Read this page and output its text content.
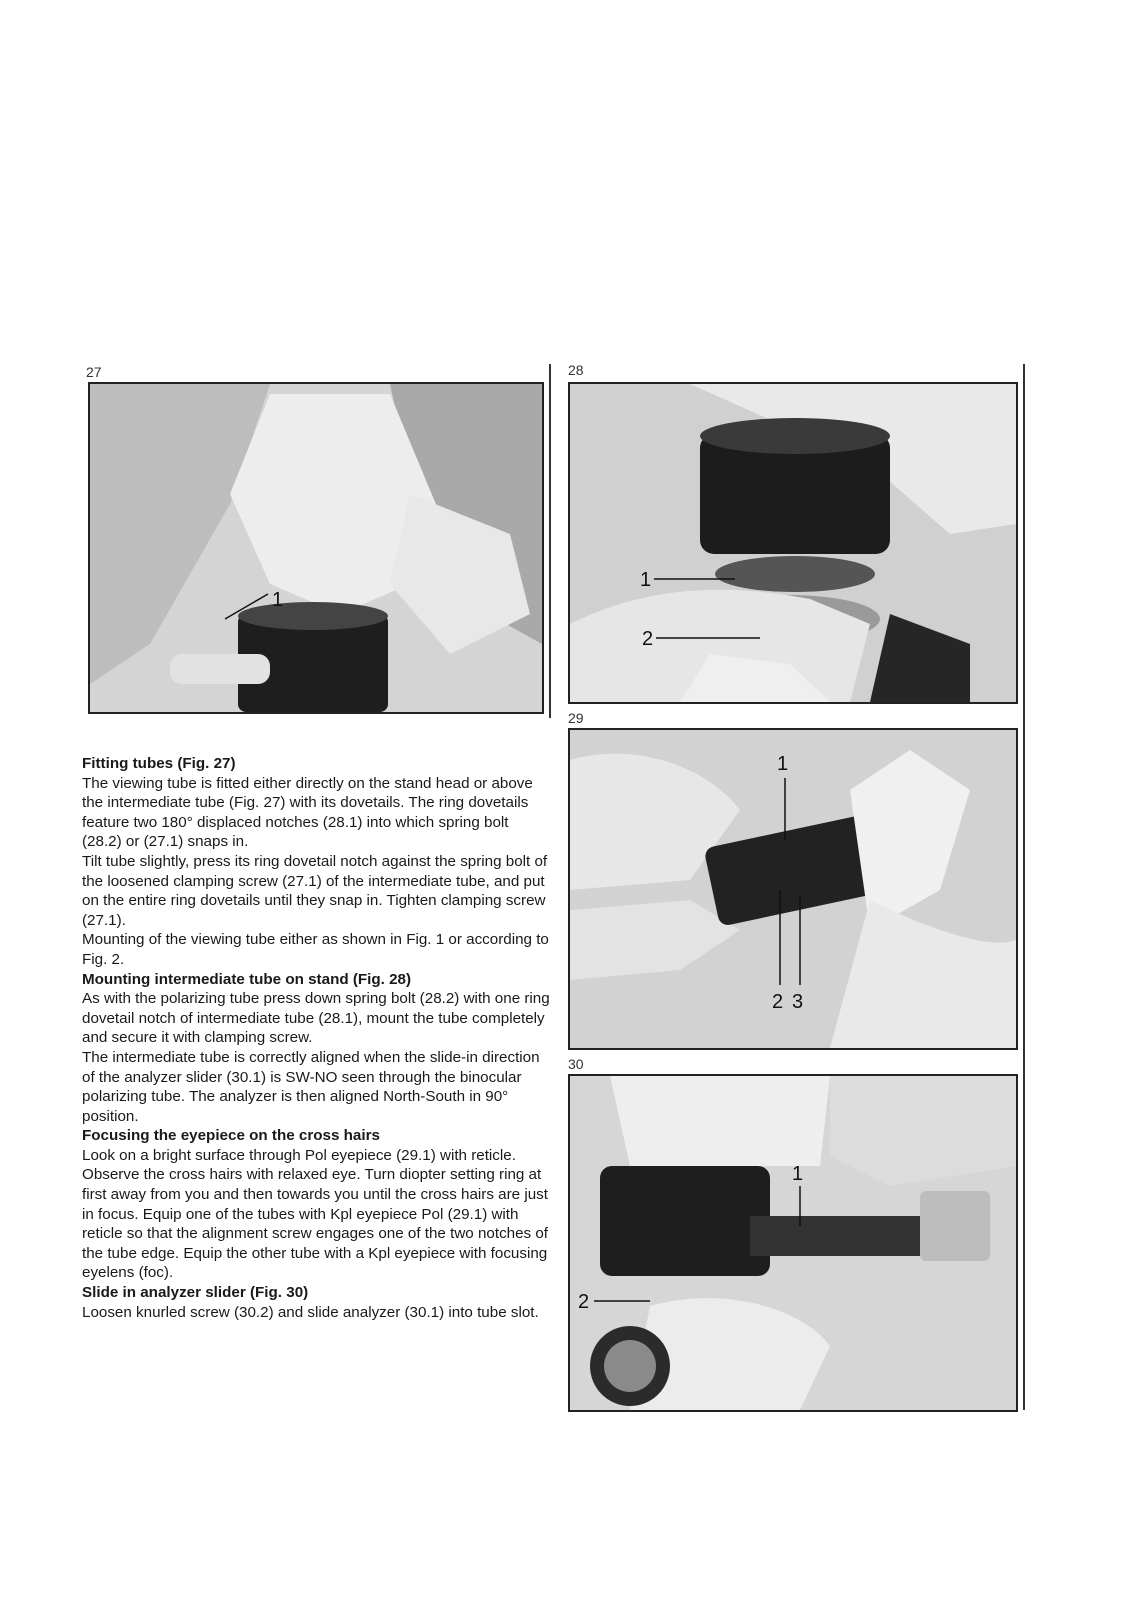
27
1
28
1
2
29
1
2 3
30
1
2

Fitting tubes (Fig. 27)

The viewing tube is fitted either directly on the stand head or above the intermediate tube (Fig. 27) with its dovetails. The ring dovetails feature two 180° displaced notches (28.1) into which spring bolt (28.2) or (27.1) snaps in.

Tilt tube slightly, press its ring dovetail notch against the spring bolt of the loosened clamping screw (27.1) of the intermediate tube, and put on the entire ring dovetails until they snap in. Tighten clamping screw (27.1).

Mounting of the viewing tube either as shown in Fig. 1 or according to Fig. 2.

Mounting intermediate tube on stand (Fig. 28)

As with the polarizing tube press down spring bolt (28.2) with one ring dovetail notch of intermediate tube (28.1), mount the tube completely and secure it with clamping screw.

The intermediate tube is correctly aligned when the slide-in direction of the analyzer slider (30.1) is SW-NO seen through the binocular polarizing tube. The analyzer is then aligned North-South in 90° position.

Focusing the eyepiece on the cross hairs

Look on a bright surface through Pol eyepiece (29.1) with reticle. Observe the cross hairs with relaxed eye. Turn diopter setting ring at first away from you and then towards you until the cross hairs are just in focus. Equip one of the tubes with Kpl eyepiece Pol (29.1) with reticle so that the alignment screw engages one of the two notches of the tube edge. Equip the other tube with a Kpl eyepiece with focusing eyelens (foc).

Slide in analyzer slider (Fig. 30)

Loosen knurled screw (30.2) and slide analyzer (30.1) into tube slot.
